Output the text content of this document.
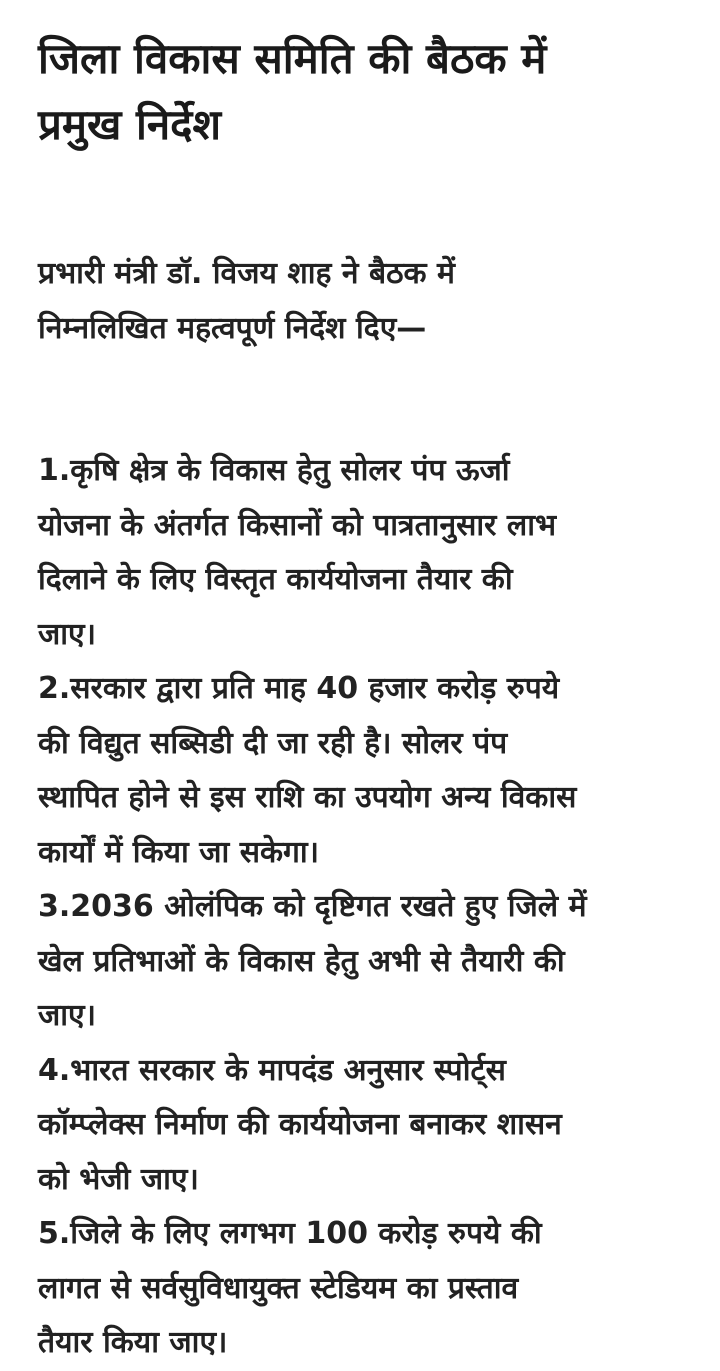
जिला विकास समिति की बैठक में
प्रमुख निर्देश
प्रभारी मंत्री डॉ. विजय शाह ने बैठक में
निम्नलिखित महत्वपूर्ण निर्देश दिए—
1.कृषि क्षेत्र के विकास हेतु सोलर पंप ऊर्जा
योजना के अंतर्गत किसानों को पात्रतानुसार लाभ
दिलाने के लिए विस्तृत कार्ययोजना तैयार की
जाए।
2.सरकार द्वारा प्रति माह 40 हजार करोड़ रुपये
की विद्युत सब्सिडी दी जा रही है। सोलर पंप
स्थापित होने से इस राशि का उपयोग अन्य विकास
कार्यों में किया जा सकेगा।
3.2036 ओलंपिक को दृष्टिगत रखते हुए जिले में
खेल प्रतिभाओं के विकास हेतु अभी से तैयारी की
जाए।
4.भारत सरकार के मापदंड अनुसार स्पोर्ट्स
कॉम्प्लेक्स निर्माण की कार्ययोजना बनाकर शासन
को भेजी जाए।
5.जिले के लिए लगभग 100 करोड़ रुपये की
लागत से सर्वसुविधायुक्त स्टेडियम का प्रस्ताव
तैयार किया जाए।
